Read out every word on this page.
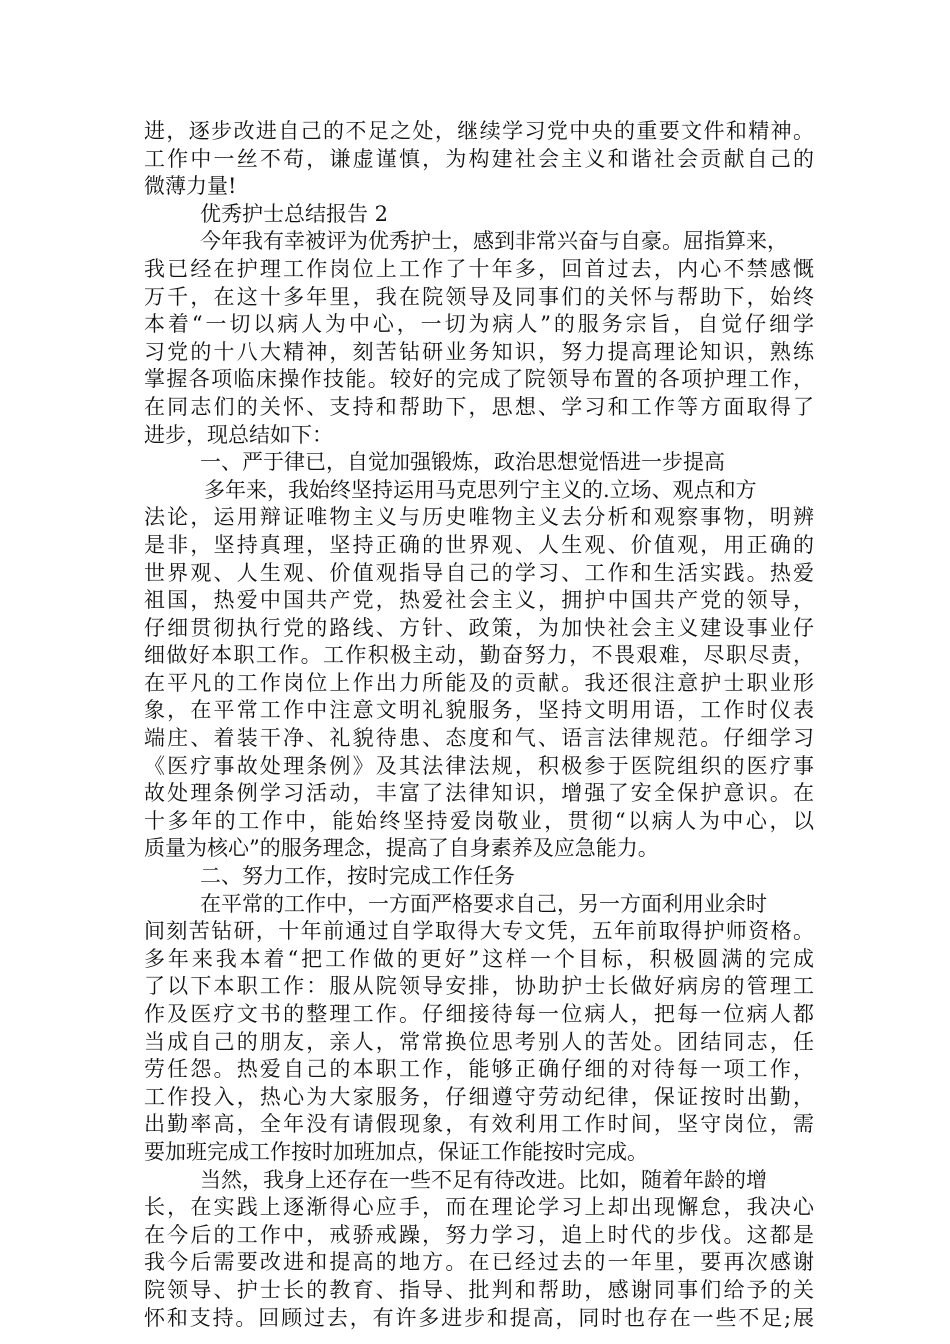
进，逐步改进自己的不足之处，继续学习党中央的重要文件和精神。
工作中一丝不苟，谦虚谨慎，为构建社会主义和谐社会贡献自己的
微薄力量!
优秀护士总结报告 2
今年我有幸被评为优秀护士，感到非常兴奋与自豪。屈指算来，
我已经在护理工作岗位上工作了十年多，回首过去，内心不禁感慨
万千，在这十多年里，我在院领导及同事们的关怀与帮助下，始终
本着“一切以病人为中心，一切为病人”的服务宗旨，自觉仔细学
习党的十八大精神，刻苦钻研业务知识，努力提高理论知识，熟练
掌握各项临床操作技能。较好的完成了院领导布置的各项护理工作，
在同志们的关怀、支持和帮助下，思想、学习和工作等方面取得了
进步，现总结如下：
一、严于律已，自觉加强锻炼，政治思想觉悟进一步提高
多年来，我始终坚持运用马克思列宁主义的.立场、观点和方
法论，运用辩证唯物主义与历史唯物主义去分析和观察事物，明辨
是非，坚持真理，坚持正确的世界观、人生观、价值观，用正确的
世界观、人生观、价值观指导自己的学习、工作和生活实践。热爱
祖国，热爱中国共产党，热爱社会主义，拥护中国共产党的领导，
仔细贯彻执行党的路线、方针、政策，为加快社会主义建设事业仔
细做好本职工作。工作积极主动，勤奋努力，不畏艰难，尽职尽责，
在平凡的工作岗位上作出力所能及的贡献。我还很注意护士职业形
象，在平常工作中注意文明礼貌服务，坚持文明用语，工作时仪表
端庄、着装干净、礼貌待患、态度和气、语言法律规范。仔细学习
《医疗事故处理条例》及其法律法规，积极参于医院组织的医疗事
故处理条例学习活动，丰富了法律知识，增强了安全保护意识。在
十多年的工作中，能始终坚持爱岗敬业，贯彻“以病人为中心，以
质量为核心”的服务理念，提高了自身素养及应急能力。
二、努力工作，按时完成工作任务
在平常的工作中，一方面严格要求自己，另一方面利用业余时
间刻苦钻研，十年前通过自学取得大专文凭，五年前取得护师资格。
多年来我本着“把工作做的更好”这样一个目标，积极圆满的完成
了以下本职工作：服从院领导安排，协助护士长做好病房的管理工
作及医疗文书的整理工作。仔细接待每一位病人，把每一位病人都
当成自己的朋友，亲人，常常换位思考别人的苦处。团结同志，任
劳任怨。热爱自己的本职工作，能够正确仔细的对待每一项工作，
工作投入，热心为大家服务，仔细遵守劳动纪律，保证按时出勤，
出勤率高，全年没有请假现象，有效利用工作时间，坚守岗位，需
要加班完成工作按时加班加点，保证工作能按时完成。
当然，我身上还存在一些不足有待改进。比如，随着年龄的增
长，在实践上逐渐得心应手，而在理论学习上却出现懈怠，我决心
在今后的工作中，戒骄戒躁，努力学习，追上时代的步伐。这都是
我今后需要改进和提高的地方。在已经过去的一年里，要再次感谢
院领导、护士长的教育、指导、批判和帮助，感谢同事们给予的关
怀和支持。回顾过去，有许多进步和提高，同时也存在一些不足;展
